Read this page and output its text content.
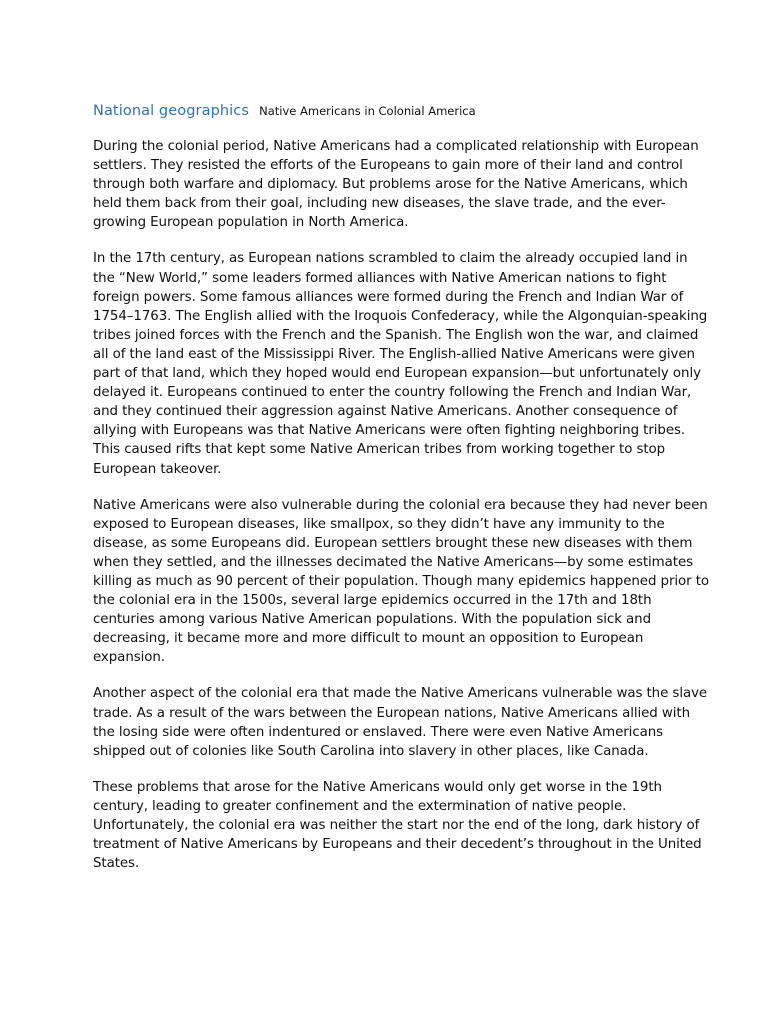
National geographics Native Americans in Colonial America

During the colonial period, Native Americans had a complicated relationship with European
settlers. They resisted the efforts of the Europeans to gain more of their land and control
through both warfare and diplomacy. But problems arose for the Native Americans, which
held them back from their goal, including new diseases, the slave trade, and the ever-
growing European population in North America.

In the 17th century, as European nations scrambled to claim the already occupied land in
the “New World,” some leaders formed alliances with Native American nations to fight
foreign powers. Some famous alliances were formed during the French and Indian War of
1754–1763. The English allied with the Iroquois Confederacy, while the Algonquian-speaking
tribes joined forces with the French and the Spanish. The English won the war, and claimed
all of the land east of the Mississippi River. The English-allied Native Americans were given
part of that land, which they hoped would end European expansion—but unfortunately only
delayed it. Europeans continued to enter the country following the French and Indian War,
and they continued their aggression against Native Americans. Another consequence of
allying with Europeans was that Native Americans were often fighting neighboring tribes.
This caused rifts that kept some Native American tribes from working together to stop
European takeover.

Native Americans were also vulnerable during the colonial era because they had never been
exposed to European diseases, like smallpox, so they didn’t have any immunity to the
disease, as some Europeans did. European settlers brought these new diseases with them
when they settled, and the illnesses decimated the Native Americans—by some estimates
killing as much as 90 percent of their population. Though many epidemics happened prior to
the colonial era in the 1500s, several large epidemics occurred in the 17th and 18th
centuries among various Native American populations. With the population sick and
decreasing, it became more and more difficult to mount an opposition to European
expansion.

Another aspect of the colonial era that made the Native Americans vulnerable was the slave
trade. As a result of the wars between the European nations, Native Americans allied with
the losing side were often indentured or enslaved. There were even Native Americans
shipped out of colonies like South Carolina into slavery in other places, like Canada.

These problems that arose for the Native Americans would only get worse in the 19th
century, leading to greater confinement and the extermination of native people.
Unfortunately, the colonial era was neither the start nor the end of the long, dark history of
treatment of Native Americans by Europeans and their decedent’s throughout in the United
States.
